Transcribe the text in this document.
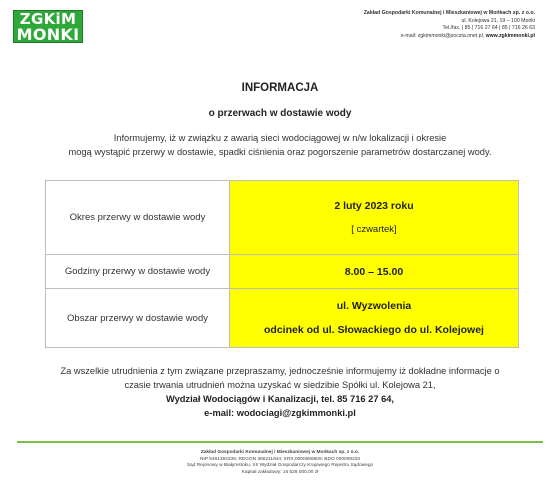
ZGKiM
MONKI
Zakład Gospodarki Komunalnej i Mieszkaniowej w Mońkach sp. z o.o.
ul. Kolejowa 21, 19 – 100 Mońki
Tel./fax. | 85 | 716 27 64 | 85 | 716 26 63
e-mail: zgkimmonki@poczta.onet.pl, www.zgkimmonki.pl
INFORMACJA
o przerwach w dostawie wody
Informujemy, iż w związku z awarią sieci wodociągowej w n/w lokalizacji i okresie
mogą wystąpić przerwy w dostawie, spadki ciśnienia oraz pogorszenie parametrów dostarczanej wody.
Okres przerwy w dostawie wody	2 luty 2023 roku
[ czwartek]

Godziny przerwy w dostawie wody	8.00 – 15.00

Obszar przerwy w dostawie wody	ul. Wyzwolenia
odcinek od ul. Słowackiego do ul. Kolejowej
Za wszelkie utrudnienia z tym związane przepraszamy, jednocześnie informujemy iż dokładne informacje o
czasie trwania utrudnień można uzyskać w siedzibie Spółki ul. Kolejowa 21,
Wydział Wodociągów i Kanalizacji, tel. 85 716 27 64,
e-mail: wodociagi@zgkimmonki.pl
Zakład Gospodarki Komunalnej i Mieszkaniowej w Mońkach sp. z o.o.
NIP 5461393335; REGON 366211644; KRS:0000686609; BDO 000008333
Sąd Rejonowy w Białymstoku, XII Wydział Gospodarczy Krajowego Rejestru Sądowego
Kapitał zakładowy: 16 528 000,00 zł
